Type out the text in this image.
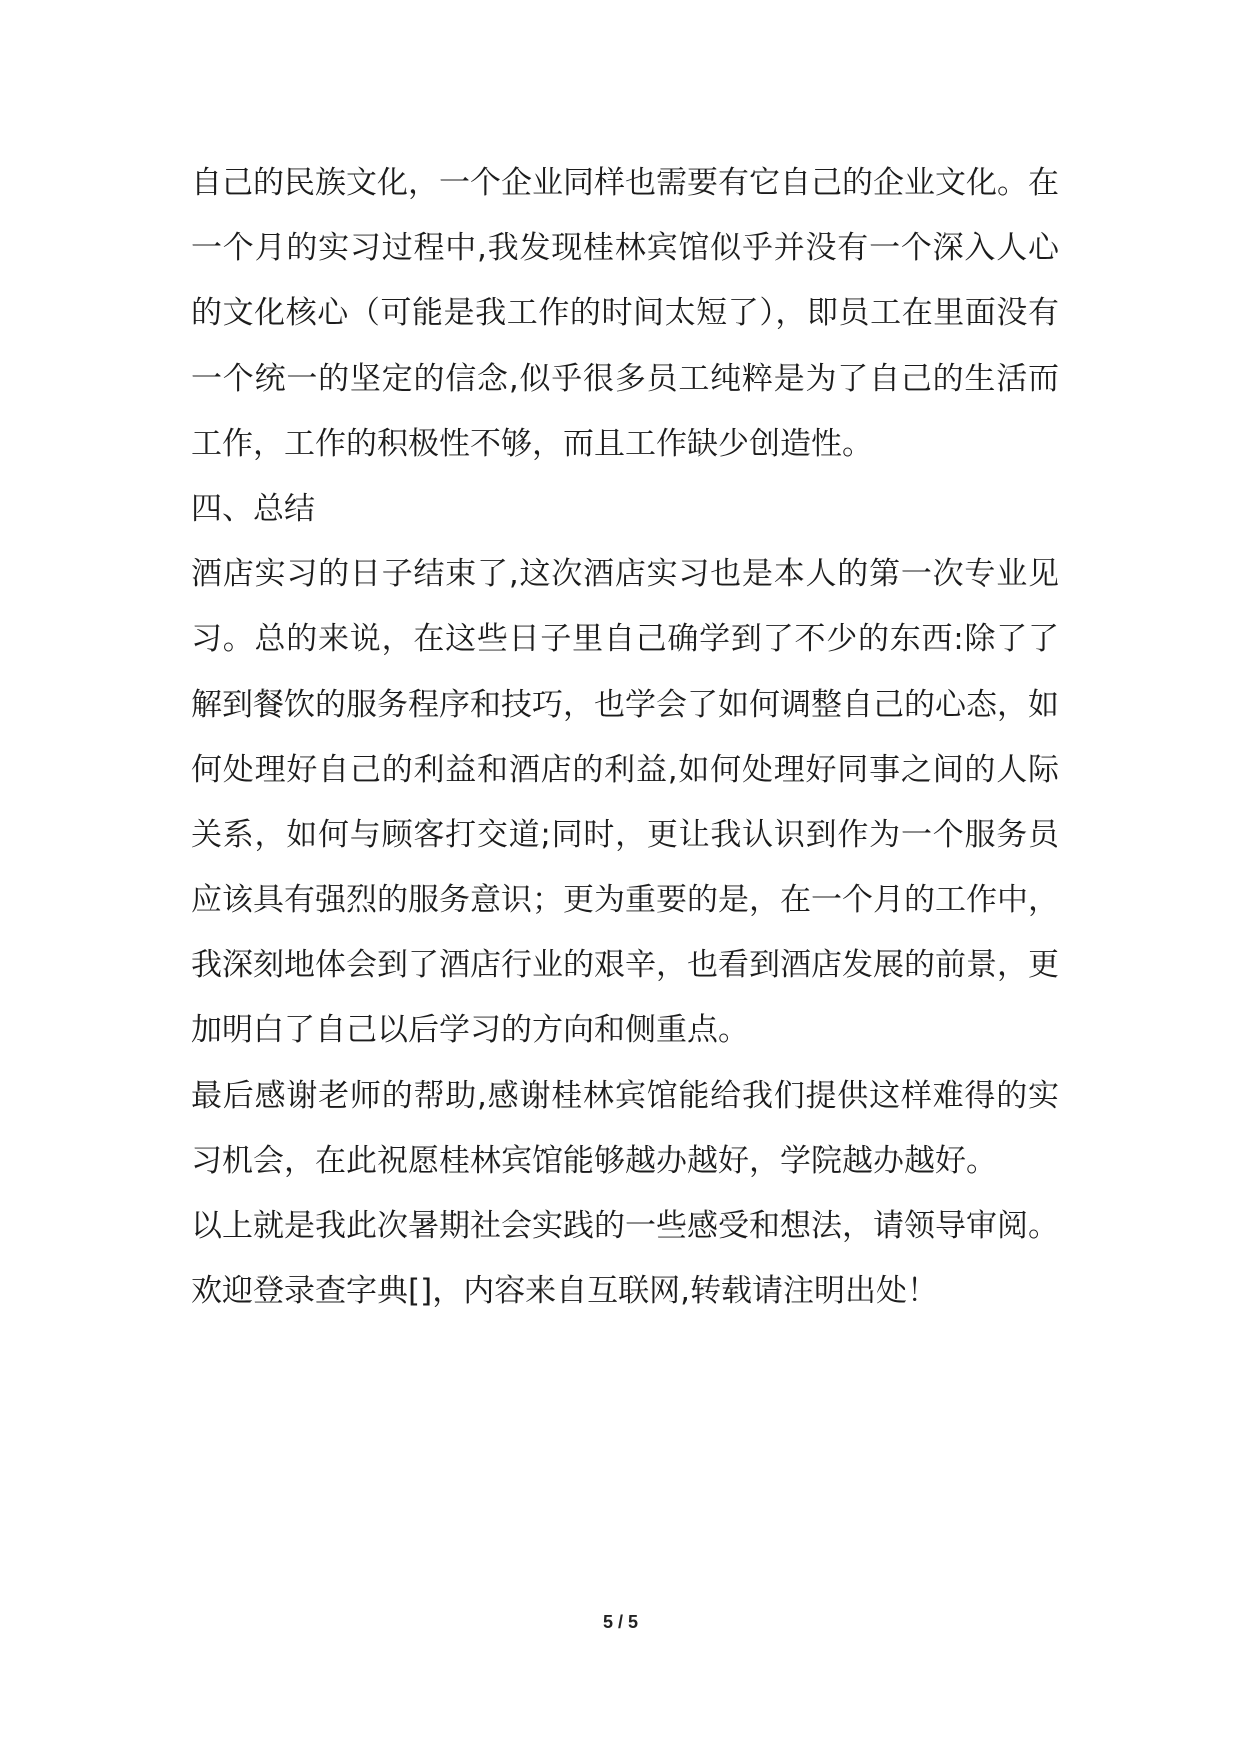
自己的民族文化，一个企业同样也需要有它自己的企业文化。在
一个月的实习过程中,我发现桂林宾馆似乎并没有一个深入人心
的文化核心（可能是我工作的时间太短了），即员工在里面没有
一个统一的坚定的信念,似乎很多员工纯粹是为了自己的生活而
工作，工作的积极性不够，而且工作缺少创造性。
四、总结
酒店实习的日子结束了,这次酒店实习也是本人的第一次专业见
习。总的来说，在这些日子里自己确学到了不少的东西:除了了
解到餐饮的服务程序和技巧，也学会了如何调整自己的心态，如
何处理好自己的利益和酒店的利益,如何处理好同事之间的人际
关系，如何与顾客打交道;同时，更让我认识到作为一个服务员
应该具有强烈的服务意识；更为重要的是，在一个月的工作中，
我深刻地体会到了酒店行业的艰辛，也看到酒店发展的前景，更
加明白了自己以后学习的方向和侧重点。
最后感谢老师的帮助,感谢桂林宾馆能给我们提供这样难得的实
习机会，在此祝愿桂林宾馆能够越办越好，学院越办越好。
以上就是我此次暑期社会实践的一些感受和想法，请领导审阅。
欢迎登录查字典[]，内容来自互联网,转载请注明出处！
5 / 5
